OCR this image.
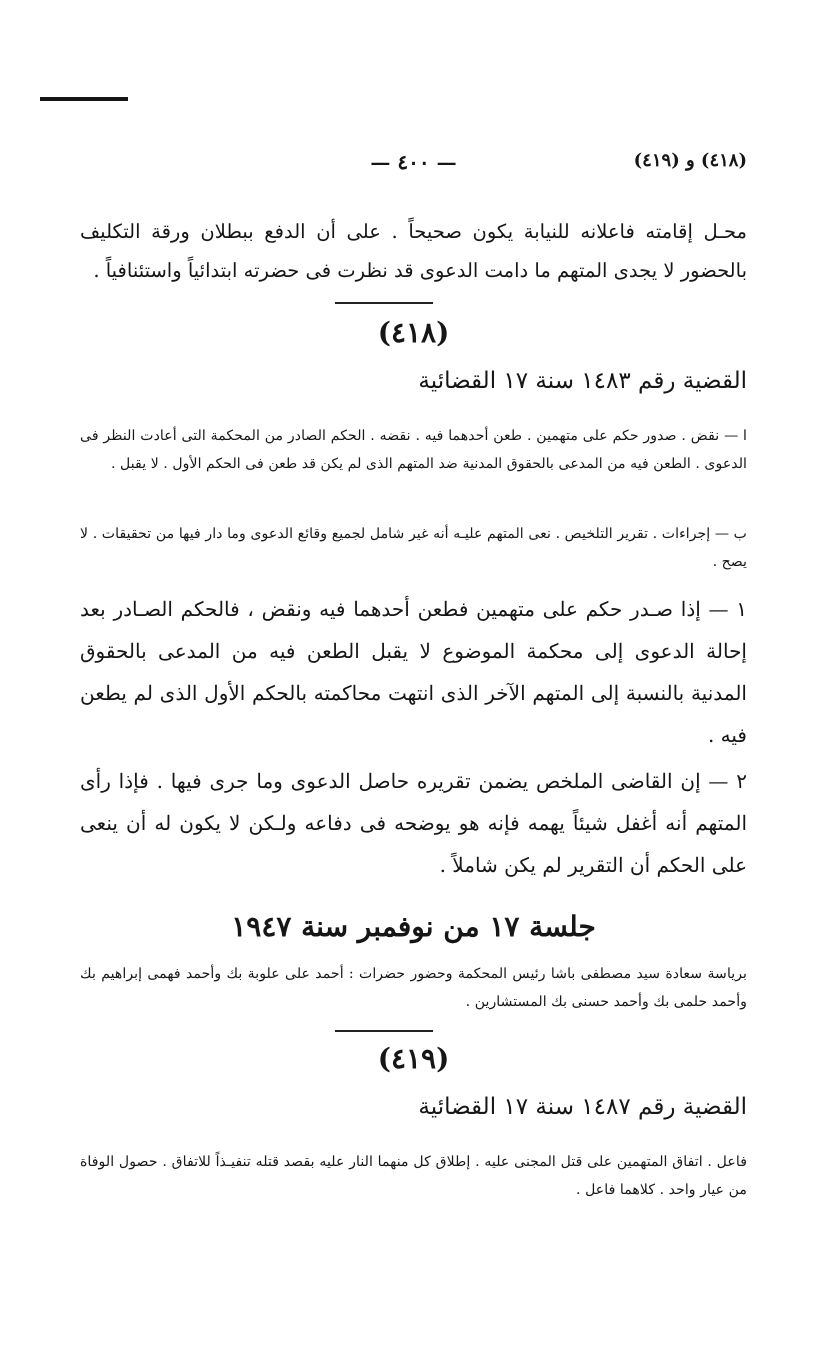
(٤١٨) و (٤١٩)
— ٤٠٠ —

محـل إقامته فاعلانه للنيابة يكون صحيحاً . على أن الدفع ببطلان ورقة التكليف بالحضور لا يجدى المتهم ما دامت الدعوى قد نظرت فى حضرته ابتدائياً واستئنافياً .

(٤١٨)
القضية رقم ١٤٨٣ سنة ١٧ القضائية

ا — نقض . صدور حكم على متهمين . طعن أحدهما فيه . نقضه . الحكم الصادر من المحكمة التى أعادت النظر فى الدعوى . الطعن فيه من المدعى بالحقوق المدنية ضد المتهم الذى لم يكن قد طعن فى الحكم الأول . لا يقبل .

ب — إجراءات . تقرير التلخيص . نعى المتهم عليـه أنه غير شامل لجميع وقائع الدعوى وما دار فيها من تحقيقات . لا يصح .

١ — إذا صـدر حكم على متهمين فطعن أحدهما فيه ونقض ، فالحكم الصـادر بعد إحالة الدعوى إلى محكمة الموضوع لا يقبل الطعن فيه من المدعى بالحقوق المدنية بالنسبة إلى المتهم الآخر الذى انتهت محاكمته بالحكم الأول الذى لم يطعن فيه .

٢ — إن القاضى الملخص يضمن تقريره حاصل الدعوى وما جرى فيها . فإذا رأى المتهم أنه أغفل شيئاً يهمه فإنه هو يوضحه فى دفاعه ولـكن لا يكون له أن ينعى على الحكم أن التقرير لم يكن شاملاً .

جلسة ١٧ من نوفمبر سنة ١٩٤٧

برياسة سعادة سيد مصطفى باشا رئيس المحكمة وحضور حضرات : أحمد على علوبة بك وأحمد فهمى إبراهيم بك وأحمد حلمى بك وأحمد حسنى بك المستشارين .

(٤١٩)
القضية رقم ١٤٨٧ سنة ١٧ القضائية

فاعل . اتفاق المتهمين على قتل المجنى عليه . إطلاق كل منهما النار عليه بقصد قتله تنفيـذاً للاتفاق . حصول الوفاة من عيار واحد . كلاهما فاعل .
